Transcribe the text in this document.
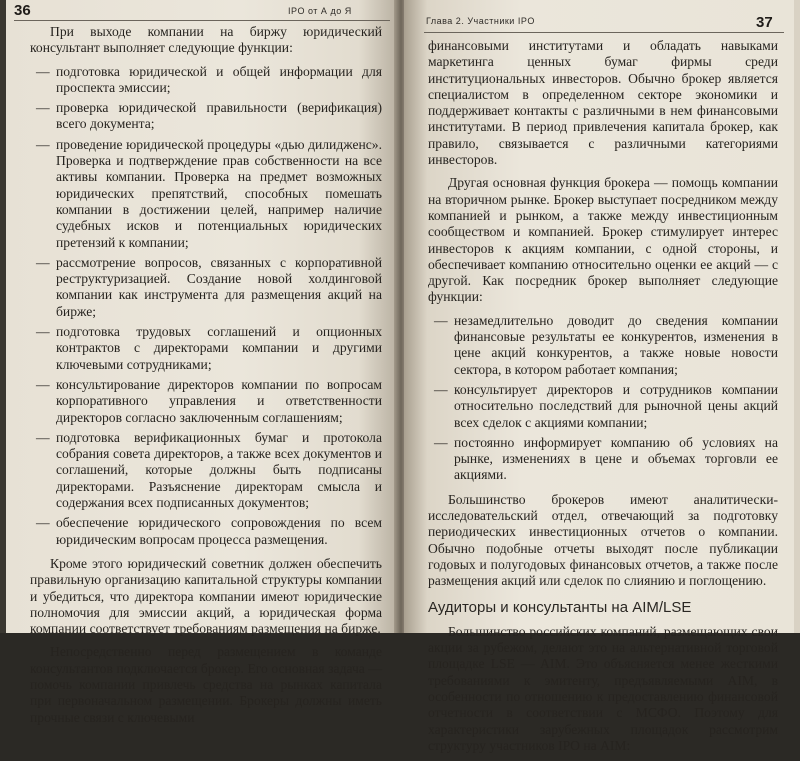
36	IPO от А до Я

При выходе компании на биржу юридический консультант выполняет следующие функции:

— подготовка юридической и общей информации для проспекта эмиссии;
— проверка юридической правильности (верификация) всего документа;
— проведение юридической процедуры «дью дилидженс». Проверка и подтверждение прав собственности на все активы компании. Проверка на предмет возможных юридических препятствий, способных помешать компании в достижении целей, например наличие судебных исков и потенциальных юридических претензий к компании;
— рассмотрение вопросов, связанных с корпоративной реструктуризацией. Создание новой холдинговой компании как инструмента для размещения акций на бирже;
— подготовка трудовых соглашений и опционных контрактов с директорами компании и другими ключевыми сотрудниками;
— консультирование директоров компании по вопросам корпоративного управления и ответственности директоров согласно заключенным соглашениям;
— подготовка верификационных бумаг и протокола собрания совета директоров, а также всех документов и соглашений, которые должны быть подписаны директорами. Разъяснение директорам смысла и содержания всех подписанных документов;
— обеспечение юридического сопровождения по всем юридическим вопросам процесса размещения.

Кроме этого юридический советник должен обеспечить правильную организацию капитальной структуры компании и убедиться, что директора компании имеют юридические полномочия для эмиссии акций, а юридическая форма компании соответствует требованиям размещения на бирже.

Непосредственно перед размещением в команде консультантов подключается брокер. Его основная задача — помочь компании привлечь средства на рынках капитала при первоначальном размещении. Брокеры должны иметь прочные связи с ключевыми

Глава 2. Участники IPO	37

финансовыми институтами и обладать навыками маркетинга ценных бумаг фирмы среди институциональных инвесторов. Обычно брокер является специалистом в определенном секторе экономики и поддерживает контакты с различными в нем финансовыми институтами. В период привлечения капитала брокер, как правило, связывается с различными категориями инвесторов.

Другая основная функция брокера — помощь компании на вторичном рынке. Брокер выступает посредником между компанией и рынком, а также между инвестиционным сообществом и компанией. Брокер стимулирует интерес инвесторов к акциям компании, с одной стороны, и обеспечивает компанию относительно оценки ее акций — с другой. Как посредник брокер выполняет следующие функции:

— незамедлительно доводит до сведения компании финансовые результаты ее конкурентов, изменения в цене акций конкурентов, а также новые новости сектора, в котором работает компания;
— консультирует директоров и сотрудников компании относительно последствий для рыночной цены акций всех сделок с акциями компании;
— постоянно информирует компанию об условиях на рынке, изменениях в цене и объемах торговли ее акциями.

Большинство брокеров имеют аналитически-исследовательский отдел, отвечающий за подготовку периодических инвестиционных отчетов о компании. Обычно подобные отчеты выходят после публикации годовых и полугодовых финансовых отчетов, а также после размещения акций или сделок по слиянию и поглощению.

Аудиторы и консультанты на AIM/LSE

Большинство российских компаний, размещающих свои акции за рубежом, делают это на альтернативной торговой площадке LSE — AIM. Это объясняется менее жесткими требованиями к эмитенту, предъявляемыми AIM, в особенности по отношению к предоставлению финансовой отчетности в соответствии с МСФО. Поэтому для характеристики зарубежных площадок рассмотрим структуру участников IPO на AIM:
